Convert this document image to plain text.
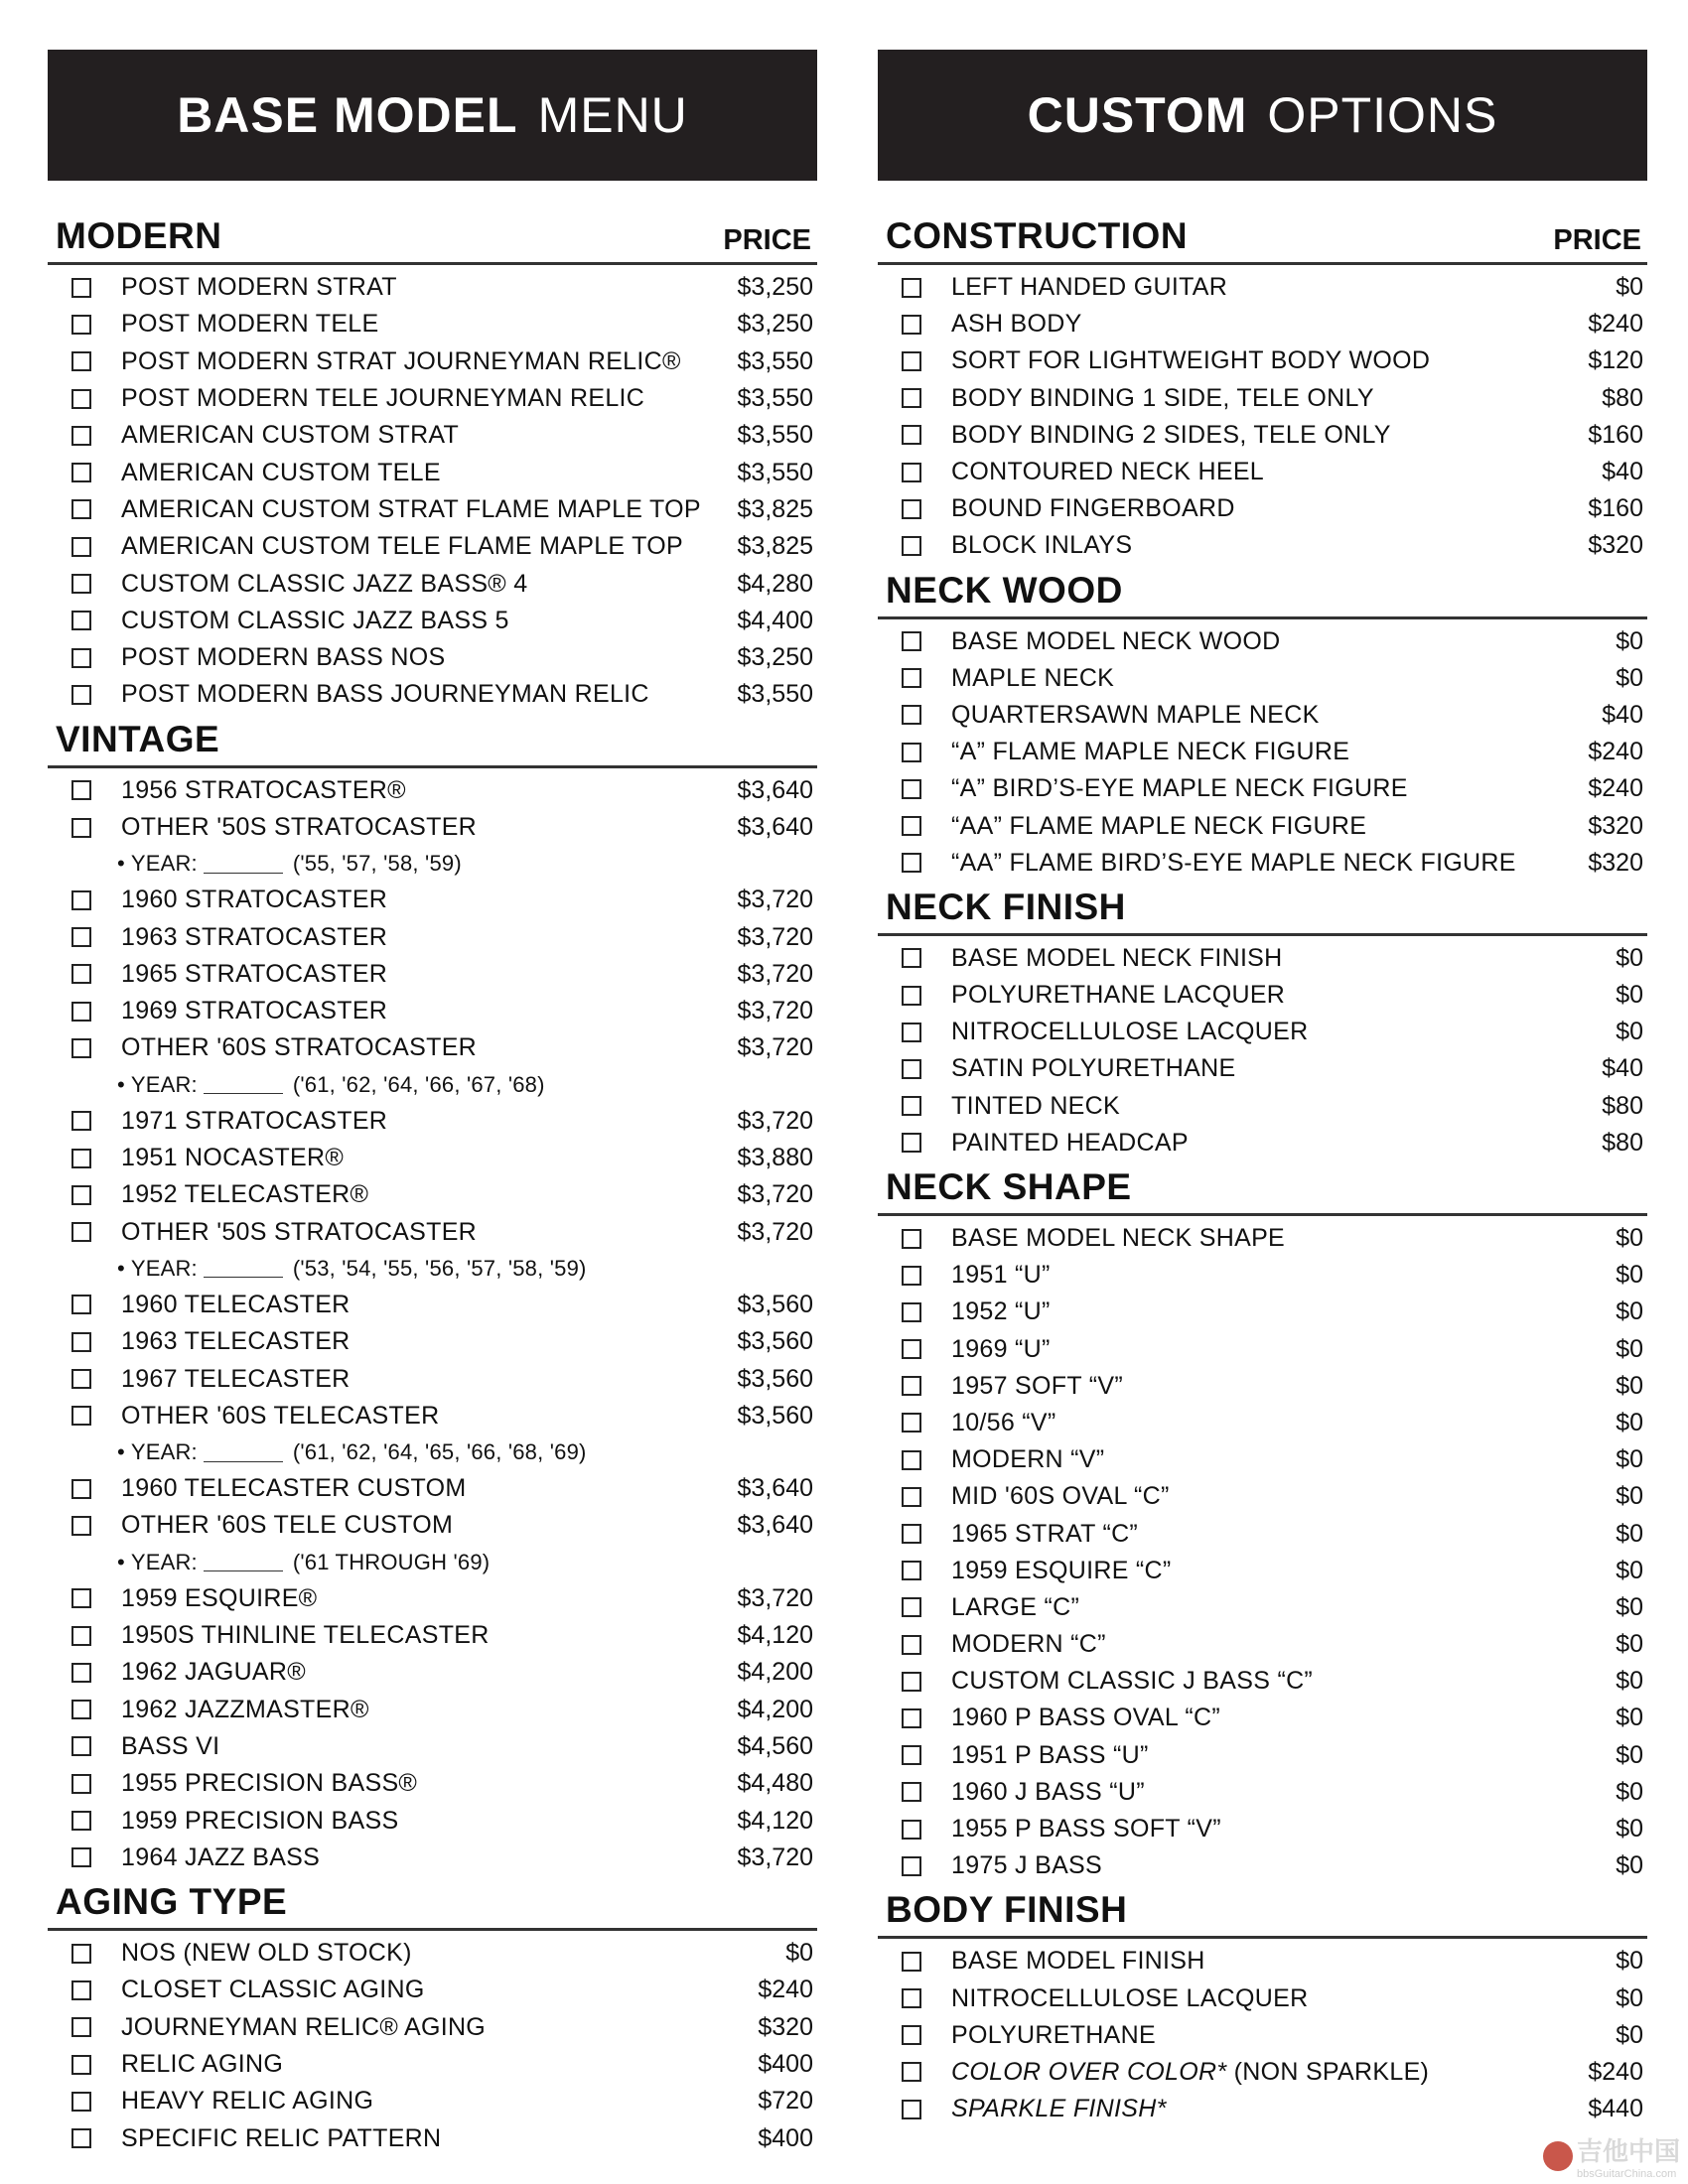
BASE MODEL MENU
MODERN	PRICE
POST MODERN STRAT	$3,250
POST MODERN TELE	$3,250
POST MODERN STRAT JOURNEYMAN RELIC®	$3,550
POST MODERN TELE JOURNEYMAN RELIC	$3,550
AMERICAN CUSTOM STRAT	$3,550
AMERICAN CUSTOM TELE	$3,550
AMERICAN CUSTOM STRAT FLAME MAPLE TOP	$3,825
AMERICAN CUSTOM TELE FLAME MAPLE TOP	$3,825
CUSTOM CLASSIC JAZZ BASS® 4	$4,280
CUSTOM CLASSIC JAZZ BASS 5	$4,400
POST MODERN BASS NOS	$3,250
POST MODERN BASS JOURNEYMAN RELIC	$3,550
VINTAGE
1956 STRATOCASTER®	$3,640
OTHER '50S STRATOCASTER	$3,640
• YEAR:	('55, '57, '58, '59)
1960 STRATOCASTER	$3,720
1963 STRATOCASTER	$3,720
1965 STRATOCASTER	$3,720
1969 STRATOCASTER	$3,720
OTHER '60S STRATOCASTER	$3,720
• YEAR:	('61, '62, '64, '66, '67, '68)
1971 STRATOCASTER	$3,720
1951 NOCASTER®	$3,880
1952 TELECASTER®	$3,720
OTHER '50S STRATOCASTER	$3,720
• YEAR:	('53, '54, '55, '56, '57, '58, '59)
1960 TELECASTER	$3,560
1963 TELECASTER	$3,560
1967 TELECASTER	$3,560
OTHER '60S TELECASTER	$3,560
• YEAR:	('61, '62, '64, '65, '66, '68, '69)
1960 TELECASTER CUSTOM	$3,640
OTHER '60S TELE CUSTOM	$3,640
• YEAR:	('61 THROUGH '69)
1959 ESQUIRE®	$3,720
1950S THINLINE TELECASTER	$4,120
1962 JAGUAR®	$4,200
1962 JAZZMASTER®	$4,200
BASS VI	$4,560
1955 PRECISION BASS®	$4,480
1959 PRECISION BASS	$4,120
1964 JAZZ BASS	$3,720
AGING TYPE
NOS (NEW OLD STOCK)	$0
CLOSET CLASSIC AGING	$240
JOURNEYMAN RELIC® AGING	$320
RELIC AGING	$400
HEAVY RELIC AGING	$720
SPECIFIC RELIC PATTERN	$400
CUSTOM OPTIONS
CONSTRUCTION	PRICE
LEFT HANDED GUITAR	$0
ASH BODY	$240
SORT FOR LIGHTWEIGHT BODY WOOD	$120
BODY BINDING 1 SIDE, TELE ONLY	$80
BODY BINDING 2 SIDES, TELE ONLY	$160
CONTOURED NECK HEEL	$40
BOUND FINGERBOARD	$160
BLOCK INLAYS	$320
NECK WOOD
BASE MODEL NECK WOOD	$0
MAPLE NECK	$0
QUARTERSAWN MAPLE NECK	$40
“A” FLAME MAPLE NECK FIGURE	$240
“A” BIRD’S-EYE MAPLE NECK FIGURE	$240
“AA” FLAME MAPLE NECK FIGURE	$320
“AA” FLAME BIRD’S-EYE MAPLE NECK FIGURE	$320
NECK FINISH
BASE MODEL NECK FINISH	$0
POLYURETHANE LACQUER	$0
NITROCELLULOSE LACQUER	$0
SATIN POLYURETHANE	$40
TINTED NECK	$80
PAINTED HEADCAP	$80
NECK SHAPE
BASE MODEL NECK SHAPE	$0
1951 “U”	$0
1952 “U”	$0
1969 “U”	$0
1957 SOFT “V”	$0
10/56 “V”	$0
MODERN “V”	$0
MID '60S OVAL “C”	$0
1965 STRAT “C”	$0
1959 ESQUIRE “C”	$0
LARGE “C”	$0
MODERN “C”	$0
CUSTOM CLASSIC J BASS “C”	$0
1960 P BASS OVAL “C”	$0
1951 P BASS “U”	$0
1960 J BASS “U”	$0
1955 P BASS SOFT “V”	$0
1975 J BASS	$0
BODY FINISH
BASE MODEL FINISH	$0
NITROCELLULOSE LACQUER	$0
POLYURETHANE	$0
COLOR OVER COLOR* (NON SPARKLE)	$240
SPARKLE FINISH*	$440
吉他中国
bbsGuitarChina.com
